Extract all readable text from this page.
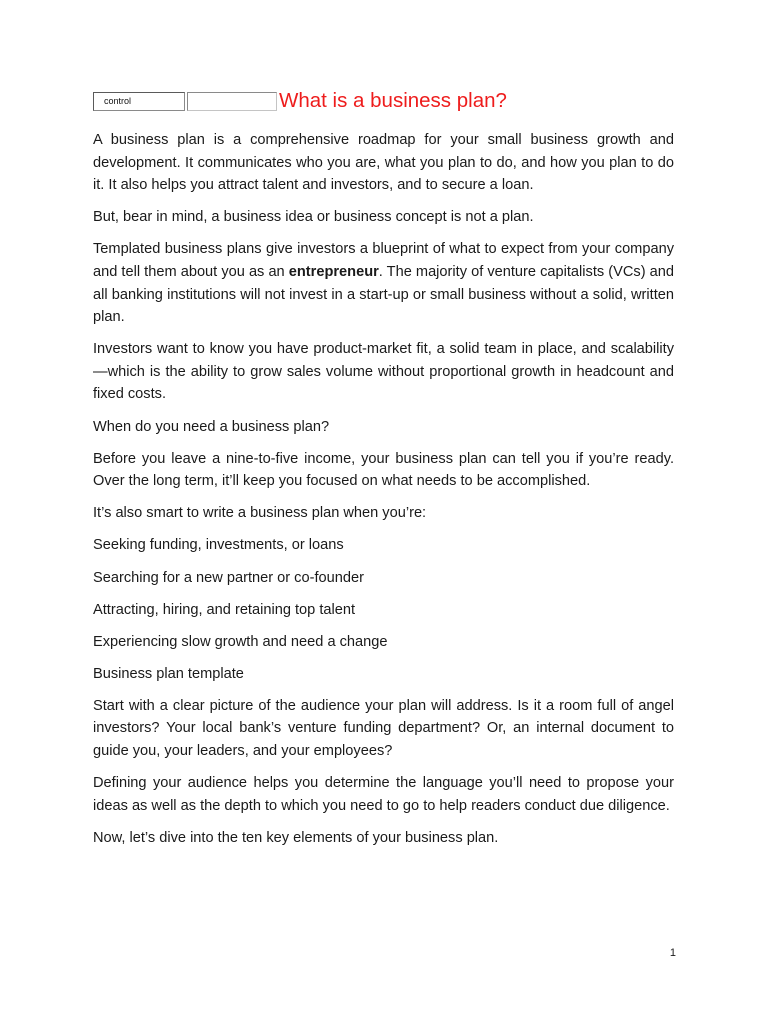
control	What is a business plan?

A business plan is a comprehensive roadmap for your small business growth and development. It communicates who you are, what you plan to do, and how you plan to do it. It also helps you attract talent and investors, and to secure a loan.

But, bear in mind, a business idea or business concept is not a plan.

Templated business plans give investors a blueprint of what to expect from your company and tell them about you as an entrepreneur. The majority of venture capitalists (VCs) and all banking institutions will not invest in a start-up or small business without a solid, written plan.

Investors want to know you have product-market fit, a solid team in place, and scalability—which is the ability to grow sales volume without proportional growth in headcount and fixed costs.

When do you need a business plan?

Before you leave a nine-to-five income, your business plan can tell you if you’re ready. Over the long term, it’ll keep you focused on what needs to be accomplished.

It’s also smart to write a business plan when you’re:

Seeking funding, investments, or loans

Searching for a new partner or co-founder

Attracting, hiring, and retaining top talent

Experiencing slow growth and need a change

Business plan template

Start with a clear picture of the audience your plan will address. Is it a room full of angel investors? Your local bank’s venture funding department? Or, an internal document to guide you, your leaders, and your employees?

Defining your audience helps you determine the language you’ll need to propose your ideas as well as the depth to which you need to go to help readers conduct due diligence.

Now, let’s dive into the ten key elements of your business plan.

1
